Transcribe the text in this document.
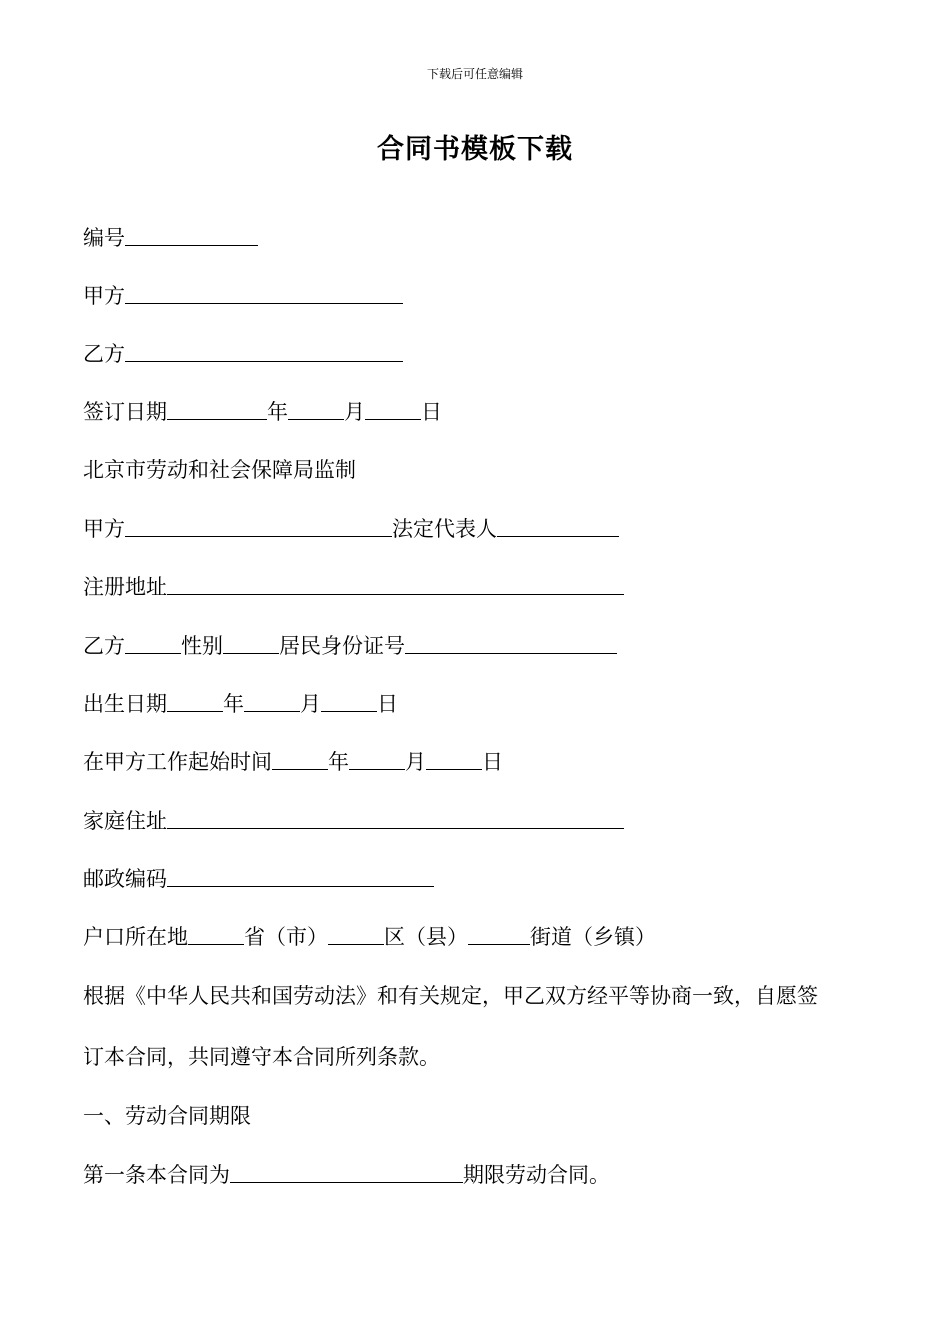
下载后可任意编辑
合同书模板下载
编号
甲方
乙方
签订日期	年	月	日
北京市劳动和社会保障局监制
甲方	法定代表人
注册地址
乙方	性别	居民身份证号
出生日期	年	月	日
在甲方工作起始时间	年	月	日
家庭住址
邮政编码
户口所在地	省（市）	区（县）	街道（乡镇）
根据《中华人民共和国劳动法》和有关规定，甲乙双方经平等协商一致，自愿签
订本合同，共同遵守本合同所列条款。
一、劳动合同期限
第一条本合同为	期限劳动合同。
